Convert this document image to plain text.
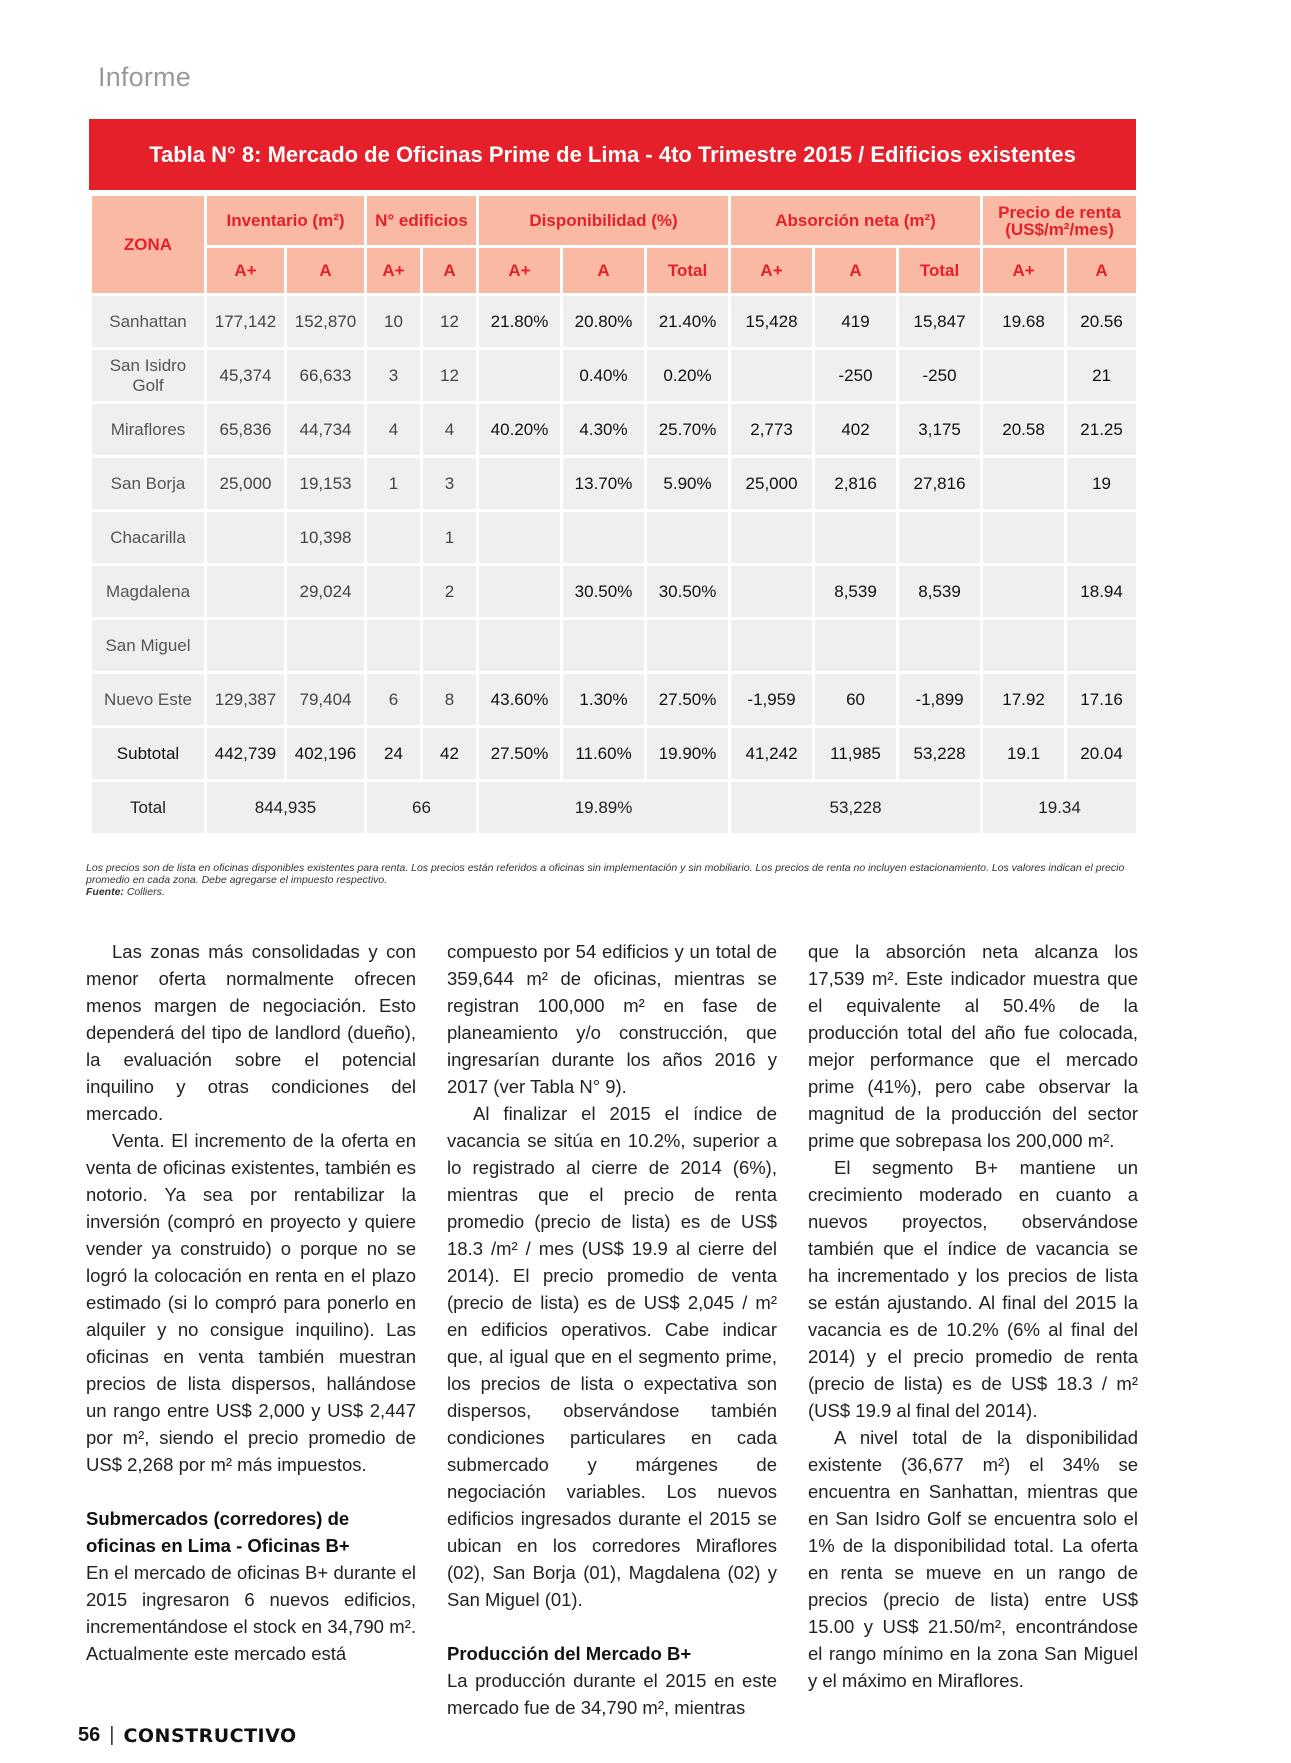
Informe
Tabla N° 8: Mercado de Oficinas Prime de Lima - 4to Trimestre 2015 / Edificios existentes
ZONA	Inventario (m²)		N° edificios		Disponibilidad (%)			Absorción neta (m²)			Precio de renta
(US$/m²/mes)	
	A+	A	A+	A	A+	A	Total	A+	A	Total	A+	A
Sanhattan	177,142	152,870	10	12	21.80%	20.80%	21.40%	15,428	419	15,847	19.68	20.56
San Isidro Golf	45,374	66,633	3	12		0.40%	0.20%		-250	-250		21
Miraflores	65,836	44,734	4	4	40.20%	4.30%	25.70%	2,773	402	3,175	20.58	21.25
San Borja	25,000	19,153	1	3		13.70%	5.90%	25,000	2,816	27,816		19
Chacarilla		10,398		1								
Magdalena		29,024		2		30.50%	30.50%		8,539	8,539		18.94
San Miguel												
Nuevo Este	129,387	79,404	6	8	43.60%	1.30%	27.50%	-1,959	60	-1,899	17.92	17.16
Subtotal	442,739	402,196	24	42	27.50%	11.60%	19.90%	41,242	11,985	53,228	19.1	20.04
Total	844,935		66		19.89%			53,228			19.34	
Los precios son de lista en oficinas disponibles existentes para renta. Los precios están referidos a oficinas sin implementación y sin mobiliario. Los precios de renta no incluyen estacionamiento. Los valores indican el precio promedio en cada zona. Debe agregarse el impuesto respectivo.
Fuente: Colliers.

Las zonas más consolidadas y con menor oferta normalmente ofrecen menos margen de negociación. Esto dependerá del tipo de landlord (dueño), la evaluación sobre el potencial inquilino y otras condiciones del mercado.

Venta. El incremento de la oferta en venta de oficinas existentes, también es notorio. Ya sea por rentabilizar la inversión (compró en proyecto y quiere vender ya construido) o porque no se logró la colocación en renta en el plazo estimado (si lo compró para ponerlo en alquiler y no consigue inquilino). Las oficinas en venta también muestran precios de lista dispersos, hallándose un rango entre US$ 2,000 y US$ 2,447 por m², siendo el precio promedio de US$ 2,268 por m² más impuestos.

Submercados (corredores) de oficinas en Lima - Oficinas B+

En el mercado de oficinas B+ durante el 2015 ingresaron 6 nuevos edificios, incrementándose el stock en 34,790 m². Actualmente este mercado está

compuesto por 54 edificios y un total de 359,644 m² de oficinas, mientras se registran 100,000 m² en fase de planeamiento y/o construcción, que ingresarían durante los años 2016 y 2017 (ver Tabla N° 9).

Al finalizar el 2015 el índice de vacancia se sitúa en 10.2%, superior a lo registrado al cierre de 2014 (6%), mientras que el precio de renta promedio (precio de lista) es de US$ 18.3 /m² / mes (US$ 19.9 al cierre del 2014). El precio promedio de venta (precio de lista) es de US$ 2,045 / m² en edificios operativos. Cabe indicar que, al igual que en el segmento prime, los precios de lista o expectativa son dispersos, observándose también condiciones particulares en cada submercado y márgenes de negociación variables. Los nuevos edificios ingresados durante el 2015 se ubican en los corredores Miraflores (02), San Borja (01), Magdalena (02) y San Miguel (01).

Producción del Mercado B+

La producción durante el 2015 en este mercado fue de 34,790 m², mientras

que la absorción neta alcanza los 17,539 m². Este indicador muestra que el equivalente al 50.4% de la producción total del año fue colocada, mejor performance que el mercado prime (41%), pero cabe observar la magnitud de la producción del sector prime que sobrepasa los 200,000 m².

El segmento B+ mantiene un crecimiento moderado en cuanto a nuevos proyectos, observándose también que el índice de vacancia se ha incrementado y los precios de lista se están ajustando. Al final del 2015 la vacancia es de 10.2% (6% al final del 2014) y el precio promedio de renta (precio de lista) es de US$ 18.3 / m² (US$ 19.9 al final del 2014).

A nivel total de la disponibilidad existente (36,677 m²) el 34% se encuentra en Sanhattan, mientras que en San Isidro Golf se encuentra solo el 1% de la disponibilidad total. La oferta en renta se mueve en un rango de precios (precio de lista) entre US$ 15.00 y US$ 21.50/m², encontrándose el rango mínimo en la zona San Miguel y el máximo en Miraflores.

56 | CONSTRUCTIVO
